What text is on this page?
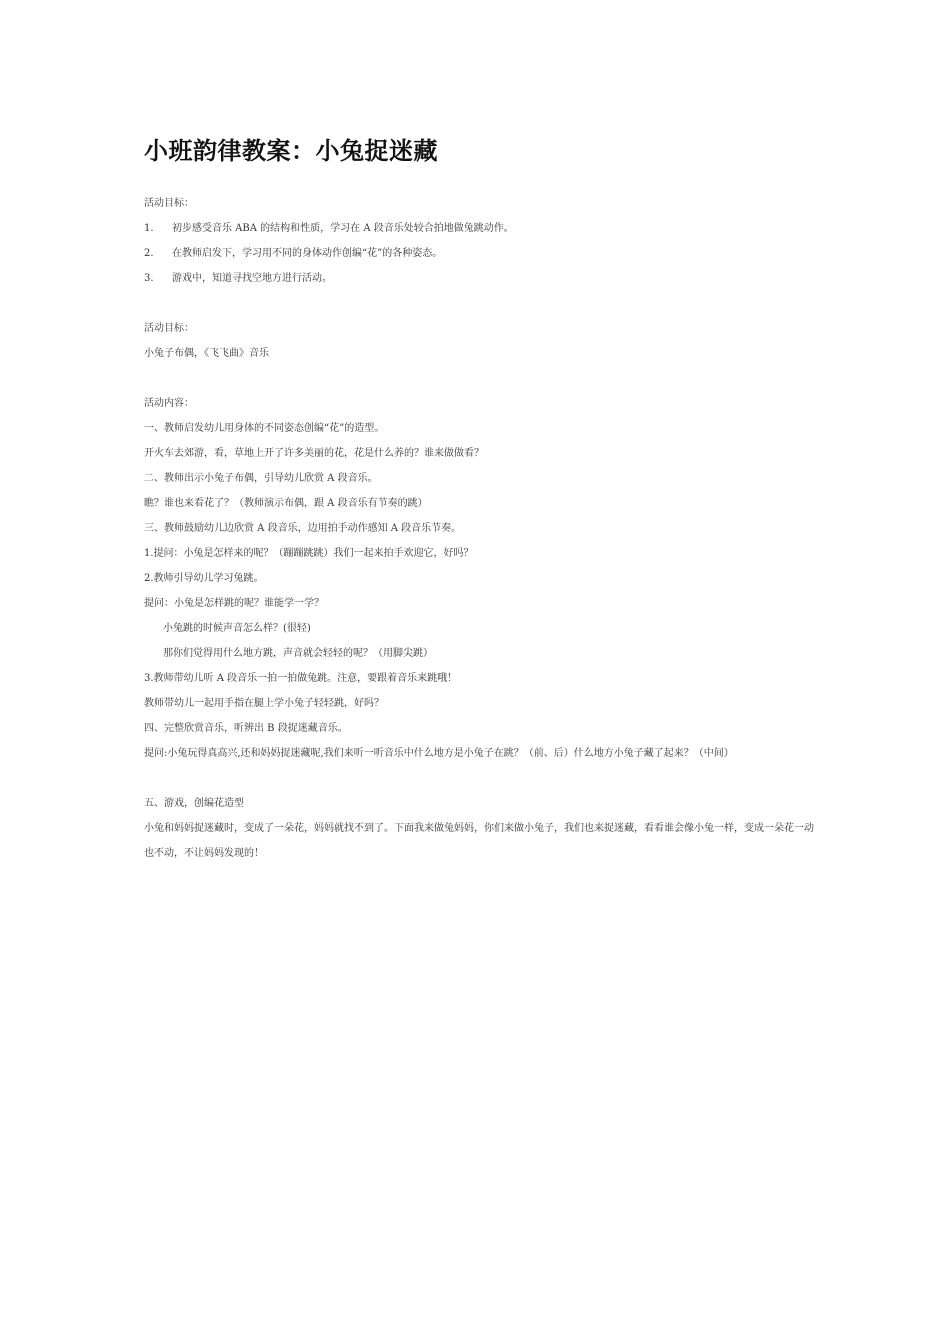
小班韵律教案：小兔捉迷藏
活动目标：
1. 初步感受音乐 ABA 的结构和性质，学习在 A 段音乐处较合拍地做兔跳动作。
2. 在教师启发下，学习用不同的身体动作创编“花”的各种姿态。
3. 游戏中，知道寻找空地方进行活动。
活动目标：
小兔子布偶，《飞飞曲》音乐
活动内容：
一、教师启发幼儿用身体的不同姿态创编“花”的造型。
开火车去郊游，看，草地上开了许多美丽的花，花是什么养的？谁来做做看？
二、教师出示小兔子布偶，引导幼儿欣赏 A 段音乐。
瞧？谁也来看花了？（教师演示布偶，跟 A 段音乐有节奏的跳）
三、教师鼓励幼儿边欣赏 A 段音乐，边用拍手动作感知 A 段音乐节奏。
1.提问：小兔是怎样来的呢？（蹦蹦跳跳）我们一起来拍手欢迎它，好吗？
2.教师引导幼儿学习兔跳。
提问：小兔是怎样跳的呢？谁能学一学？
小兔跳的时候声音怎么样？(很轻)
那你们觉得用什么地方跳，声音就会轻轻的呢？（用脚尖跳）
3.教师带幼儿听 A 段音乐一拍一拍做兔跳。注意，要跟着音乐来跳哦！
教师带幼儿一起用手指在腿上学小兔子轻轻跳，好吗？
四、完整欣赏音乐，听辨出 B 段捉迷藏音乐。
提问:小兔玩得真高兴,还和妈妈捉迷藏呢,我们来听一听音乐中什么地方是小兔子在跳？（前、后）什么地方小兔子藏了起来？（中间）
五、游戏，创编花造型
小兔和妈妈捉迷藏时，变成了一朵花，妈妈就找不到了。下面我来做兔妈妈，你们来做小兔子，我们也来捉迷藏，看看谁会像小兔一样，变成一朵花一动也不动，不让妈妈发现的！
